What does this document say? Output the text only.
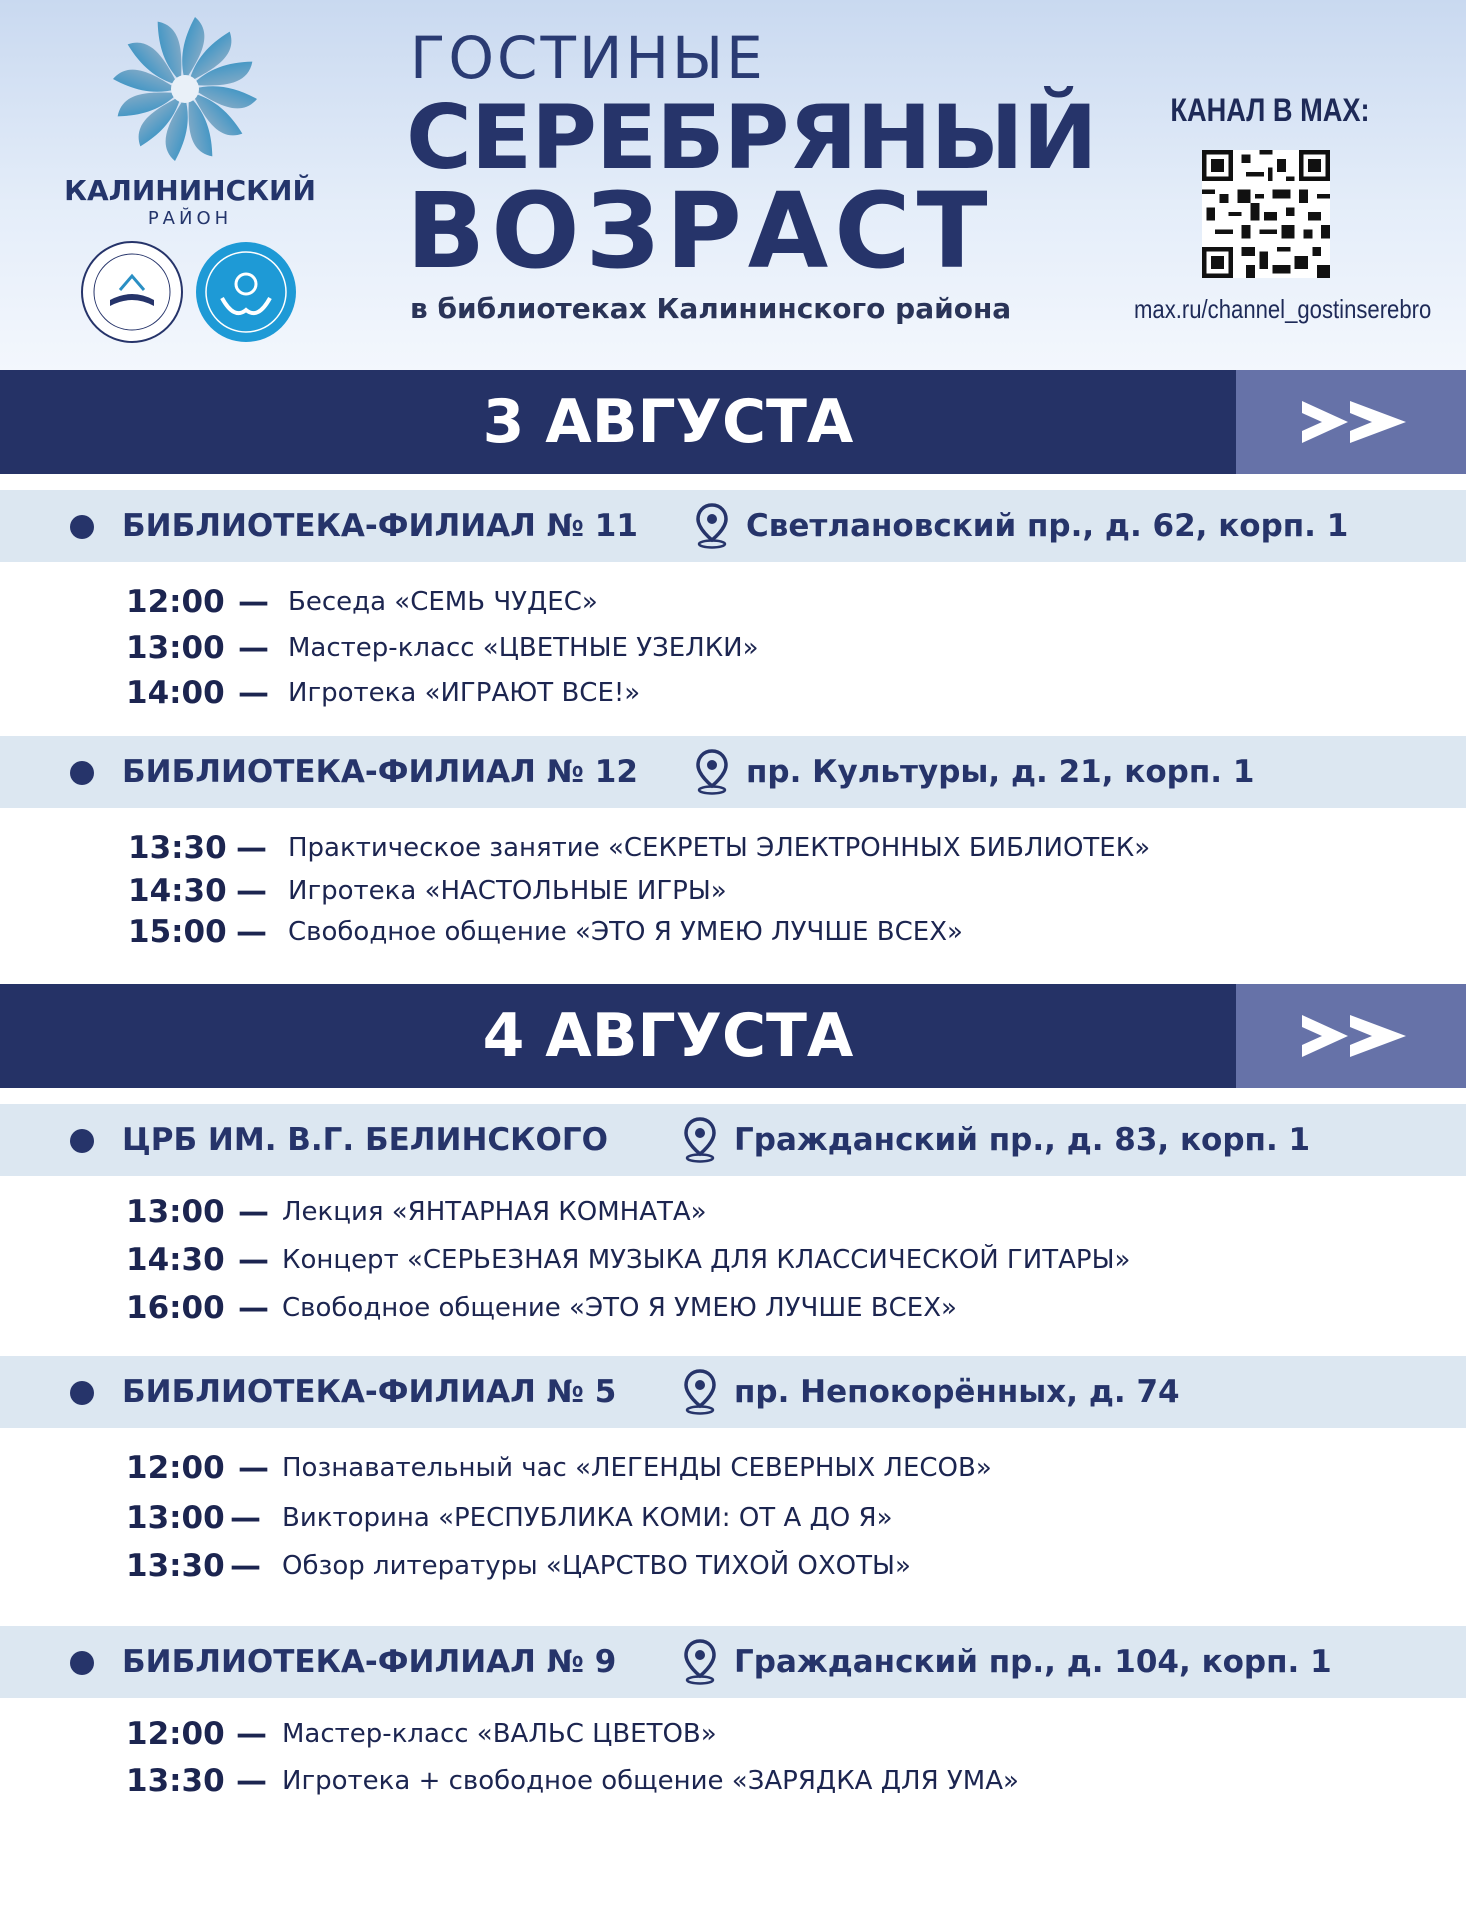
КАЛИНИНСКИЙ
РАЙОН
ГОСТИНЫЕ
СЕРЕБРЯНЫЙ
ВОЗРАСТ
в библиотеках Калининского района
КАНАЛ В MAX:
max.ru/channel_gostinserebro
3 АВГУСТА
БИБЛИОТЕКА-ФИЛИАЛ № 11	Светлановский пр., д. 62, корп. 1
12:00 — Беседа «СЕМЬ ЧУДЕС»
13:00 — Мастер-класс «ЦВЕТНЫЕ УЗЕЛКИ»
14:00 — Игротека «ИГРАЮТ ВСЕ!»
БИБЛИОТЕКА-ФИЛИАЛ № 12	пр. Культуры, д. 21, корп. 1
13:30 — Практическое занятие «СЕКРЕТЫ ЭЛЕКТРОННЫХ БИБЛИОТЕК»
14:30 — Игротека «НАСТОЛЬНЫЕ ИГРЫ»
15:00 — Свободное общение «ЭТО Я УМЕЮ ЛУЧШЕ ВСЕХ»
4 АВГУСТА
ЦРБ ИМ. В.Г. БЕЛИНСКОГО	Гражданский пр., д. 83, корп. 1
13:00 — Лекция «ЯНТАРНАЯ КОМНАТА»
14:30 — Концерт «СЕРЬЕЗНАЯ МУЗЫКА ДЛЯ КЛАССИЧЕСКОЙ ГИТАРЫ»
16:00 — Свободное общение «ЭТО Я УМЕЮ ЛУЧШЕ ВСЕХ»
БИБЛИОТЕКА-ФИЛИАЛ № 5	пр. Непокорённых, д. 74
12:00 — Познавательный час «ЛЕГЕНДЫ СЕВЕРНЫХ ЛЕСОВ»
13:00 — Викторина «РЕСПУБЛИКА КОМИ: ОТ А ДО Я»
13:30 — Обзор литературы «ЦАРСТВО ТИХОЙ ОХОТЫ»
БИБЛИОТЕКА-ФИЛИАЛ № 9	Гражданский пр., д. 104, корп. 1
12:00 — Мастер-класс «ВАЛЬС ЦВЕТОВ»
13:30 — Игротека + свободное общение «ЗАРЯДКА ДЛЯ УМА»
